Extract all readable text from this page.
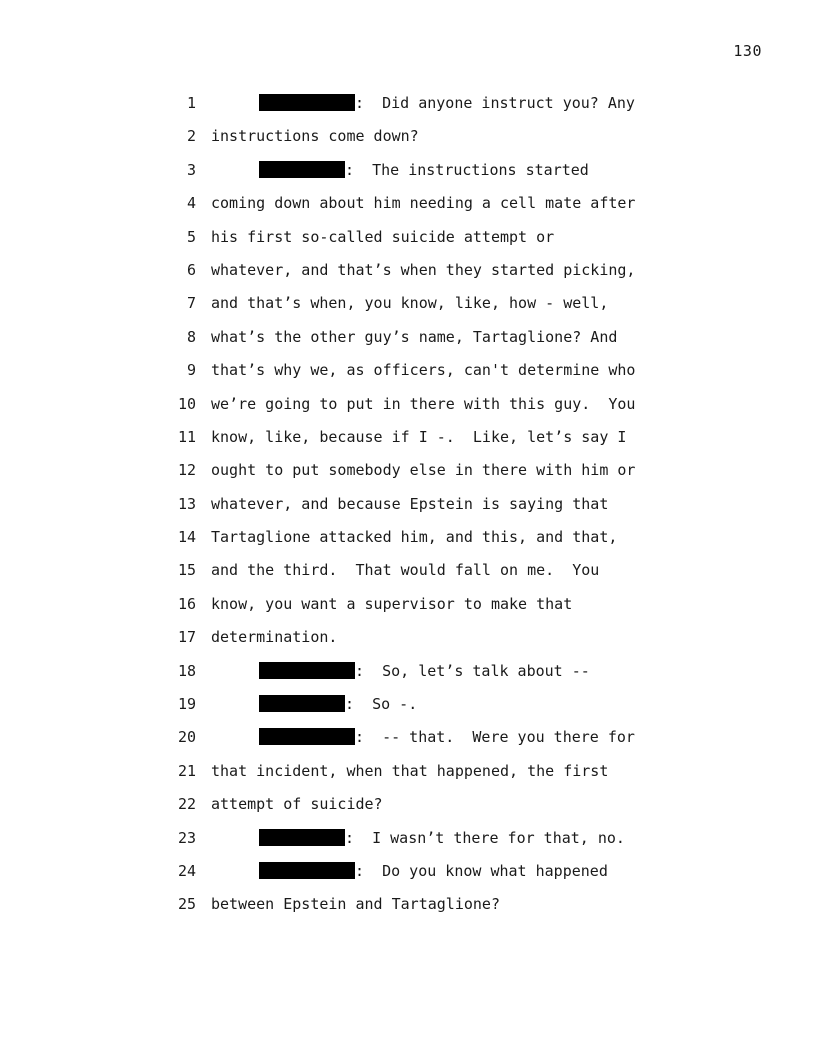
130
1	:  Did anyone instruct you? Any
2 instructions come down?
3	:  The instructions started
4 coming down about him needing a cell mate after
5 his first so-called suicide attempt or
6 whatever, and that’s when they started picking,
7 and that’s when, you know, like, how - well,
8 what’s the other guy’s name, Tartaglione? And
9 that’s why we, as officers, can't determine who
10 we’re going to put in there with this guy.  You
11 know, like, because if I -.  Like, let’s say I
12 ought to put somebody else in there with him or
13 whatever, and because Epstein is saying that
14 Tartaglione attacked him, and this, and that,
15 and the third.  That would fall on me.  You
16 know, you want a supervisor to make that
17 determination.
18	:  So, let’s talk about --
19	:  So -.
20	:  -- that.  Were you there for
21 that incident, when that happened, the first
22 attempt of suicide?
23	:  I wasn’t there for that, no.
24	:  Do you know what happened
25 between Epstein and Tartaglione?
